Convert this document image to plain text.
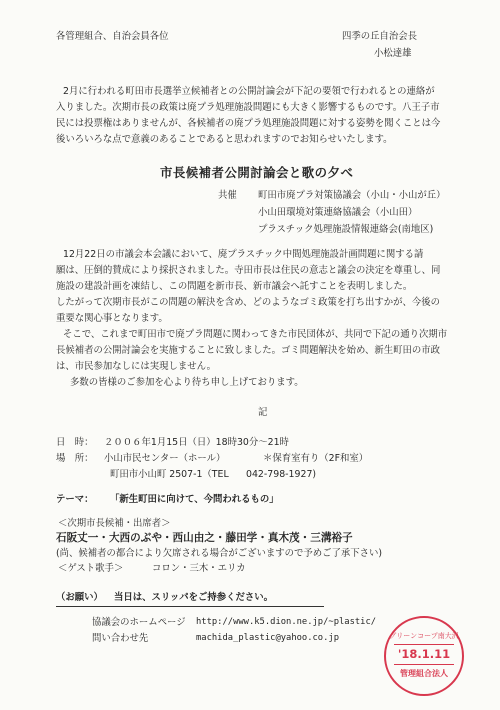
各管理組合、自治会員各位	四季の丘自治会長
小松達雄
2月に行われる町田市長選挙立候補者との公開討論会が下記の要領で行われるとの連絡が
入りました。次期市長の政策は廃プラ処理施設問題にも大きく影響するものです。八王子市
民には投票権はありませんが、各候補者の廃プラ処理施設問題に対する姿勢を聞くことは今
後いろいろな点で意義のあることであると思われますのでお知らせいたします。
市長候補者公開討論会と歌の夕べ
共催 町田市廃プラ対策協議会（小山・小山が丘）
小山田環境対策連絡協議会（小山田）
プラスチック処理施設情報連絡会(南地区)
12月22日の市議会本会議において、廃プラスチック中間処理施設計画問題に関する請
願は、圧倒的賛成により採択されました。寺田市長は住民の意志と議会の決定を尊重し、同
施設の建設計画を凍結し、この問題を新市長、新市議会へ託すことを表明しました。
したがって次期市長がこの問題の解決を含め、どのようなゴミ政策を打ち出すかが、今後の
重要な関心事となります。
そこで、これまで町田市で廃プラ問題に関わってきた市民団体が、共同で下記の通り次期市
長候補者の公開討論会を実施することに致しました。ゴミ問題解決を始め、新生町田の市政
は、市民参加なしには実現しません。
多数の皆様のご参加を心より待ち申し上げております。
記
日　時： ２００６年1月15日（日）18時30分～21時
場　所： 小山市民センター（ホール）	＊保育室有り（2F和室）
町田市小山町 2507-1（TEL 042-798-1927)
テーマ： 「新生町田に向けて、今問われるもの」
＜次期市長候補・出席者＞
石阪丈一・大西のぶや・西山由之・藤田学・真木茂・三溝裕子
(尚、候補者の都合により欠席される場合がございますので予めご了承下さい)
＜ゲスト歌手＞	コロン・三木・エリカ
（お願い） 当日は、スリッパをご持参ください。
協議会のホームページ http://www.k5.dion.ne.jp/~plastic/
問い合わせ先	machida_plastic@yahoo.co.jp	グリーンコープ南大沢
'18.1.11
管理組合法人
